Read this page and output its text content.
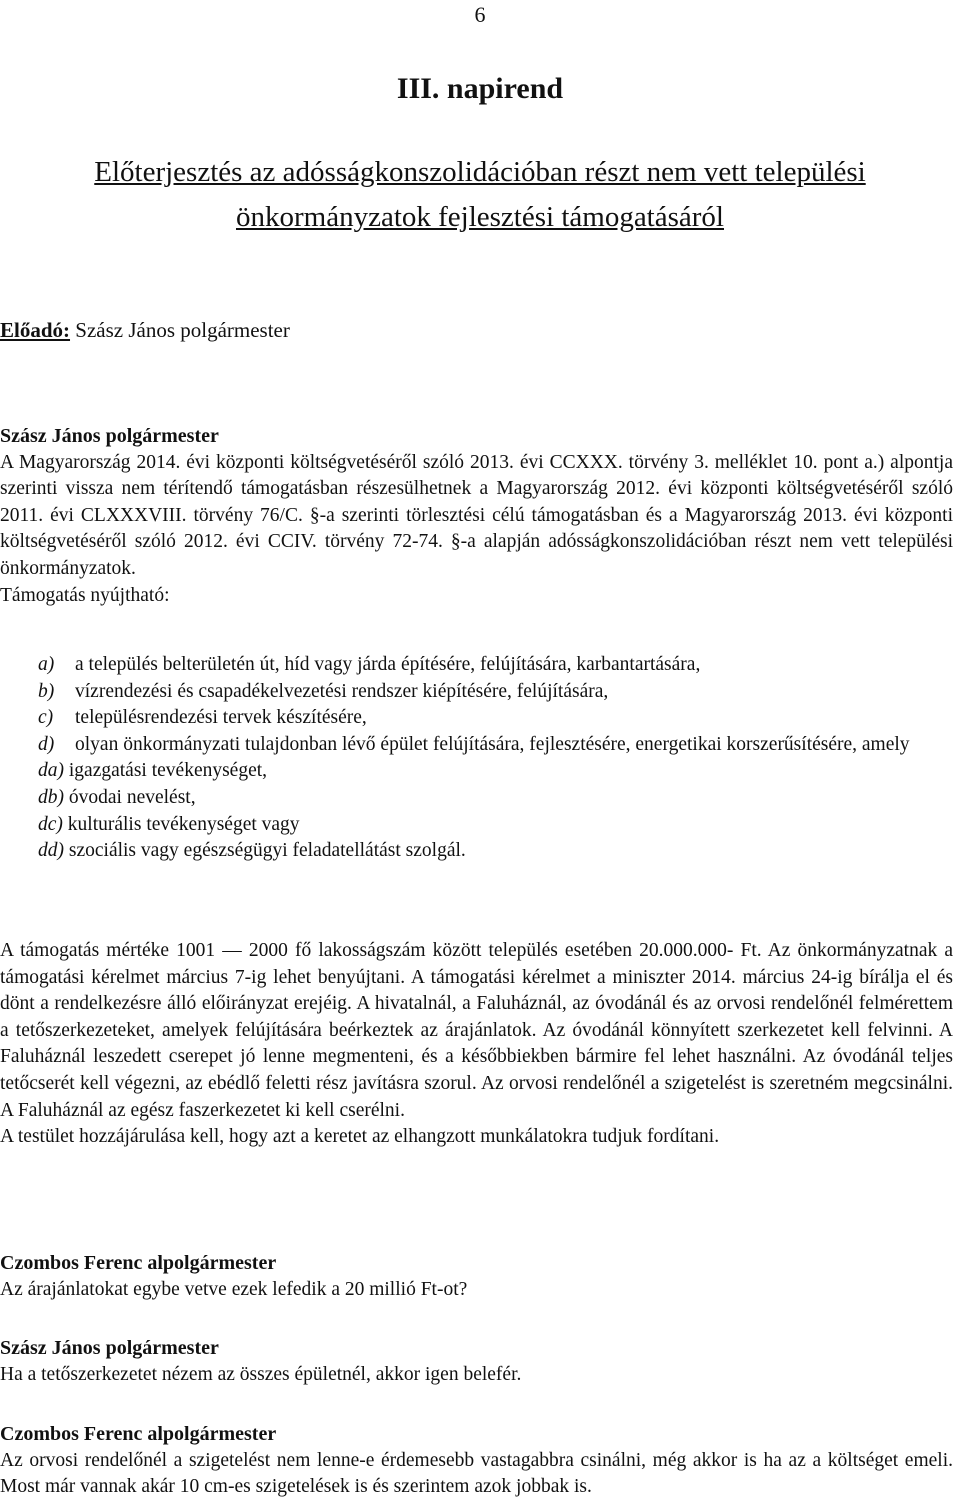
6
III. napirend
Előterjesztés az adósságkonszolidációban részt nem vett települési önkormányzatok fejlesztési támogatásáról
Előadó: Szász János polgármester
Szász János polgármester
A Magyarország 2014. évi központi költségvetéséről szóló 2013. évi CCXXX. törvény 3. melléklet 10. pont a.) alpontja szerinti vissza nem térítendő támogatásban részesülhetnek a Magyarország 2012. évi központi költségvetéséről szóló 2011. évi CLXXXVIII. törvény 76/C. §-a szerinti törlesztési célú támogatásban és a Magyarország 2013. évi központi költségvetéséről szóló 2012. évi CCIV. törvény 72-74. §-a alapján adósságkonszolidációban részt nem vett települési önkormányzatok.
Támogatás nyújtható:
a) a település belterületén út, híd vagy járda építésére, felújítására, karbantartására,
b) vízrendezési és csapadékelvezetési rendszer kiépítésére, felújítására,
c) településrendezési tervek készítésére,
d) olyan önkormányzati tulajdonban lévő épület felújítására, fejlesztésére, energetikai korszerűsítésére, amely
da) igazgatási tevékenységet,
db) óvodai nevelést,
dc) kulturális tevékenységet vagy
dd) szociális vagy egészségügyi feladatellátást szolgál.
A támogatás mértéke 1001 — 2000 fő lakosságszám között település esetében 20.000.000- Ft. Az önkormányzatnak a támogatási kérelmet március 7-ig lehet benyújtani. A támogatási kérelmet a miniszter 2014. március 24-ig bírálja el és dönt a rendelkezésre álló előirányzat erejéig. A hivatalnál, a Faluháznál, az óvodánál és az orvosi rendelőnél felmérettem a tetőszerkezeteket, amelyek felújítására beérkeztek az árajánlatok. Az óvodánál könnyített szerkezetet kell felvinni. A Faluháznál leszedett cserepet jó lenne megmenteni, és a későbbiekben bármire fel lehet használni. Az óvodánál teljes tetőcserét kell végezni, az ebédlő feletti rész javításra szorul. Az orvosi rendelőnél a szigetelést is szeretném megcsinálni. A Faluháznál az egész faszerkezetet ki kell cserélni.
A testület hozzájárulása kell, hogy azt a keretet az elhangzott munkálatokra tudjuk fordítani.
Czombos Ferenc alpolgármester
Az árajánlatokat egybe vetve ezek lefedik a 20 millió Ft-ot?
Szász János polgármester
Ha a tetőszerkezetet nézem az összes épületnél, akkor igen belefér.
Czombos Ferenc alpolgármester
Az orvosi rendelőnél a szigetelést nem lenne-e érdemesebb vastagabbra csinálni, még akkor is ha az a költséget emeli. Most már vannak akár 10 cm-es szigetelések is és szerintem azok jobbak is.
